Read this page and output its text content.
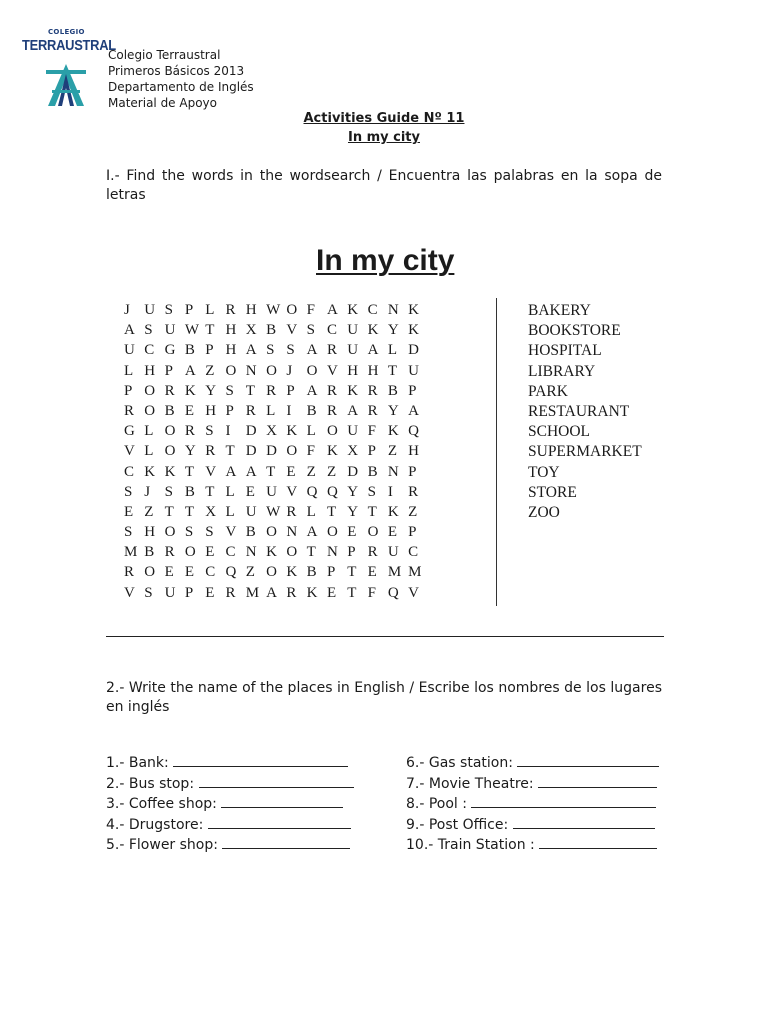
COLEGIO
TERRAUSTRAL
Colegio Terraustral
Primeros Básicos 2013
Departamento de Inglés
Material de Apoyo
Activities Guide Nº 11
In my city
I.- Find the words in the wordsearch / Encuentra las palabras en la sopa de letras
In my city
J U S P L R H W O F A K C N K
A S U W T H X B V S C U K Y K
U C G B P H A S S A R U A L D
L H P A Z O N O J O V H H T U
P O R K Y S T R P A R K R B P
R O B E H P R L I	B R A R Y A
G L O R S I	D X K L O U F K Q
V L O Y R T D D O F K X P Z H
C K K T V A A T E Z Z D B N P
S J S B T L E U V Q Q Y S I	R
E Z T T X L U W R L T Y T K Z
S H O S S V B O N A O E O E P
M B R O E C N K O T N P R U C
R O E E C Q Z O K B P T E M M
V S U P E R M A R K E T F Q V
BAKERY
BOOKSTORE
HOSPITAL
LIBRARY
PARK
RESTAURANT
SCHOOL
SUPERMARKET
TOY
STORE
ZOO
2.- Write the name of the places in English / Escribe los nombres de los lugares en inglés
1.- Bank:
2.- Bus stop:
3.- Coffee shop:
4.- Drugstore:
5.- Flower shop:
6.- Gas station:
7.- Movie Theatre:
8.- Pool :
9.- Post Office:
10.- Train Station :
